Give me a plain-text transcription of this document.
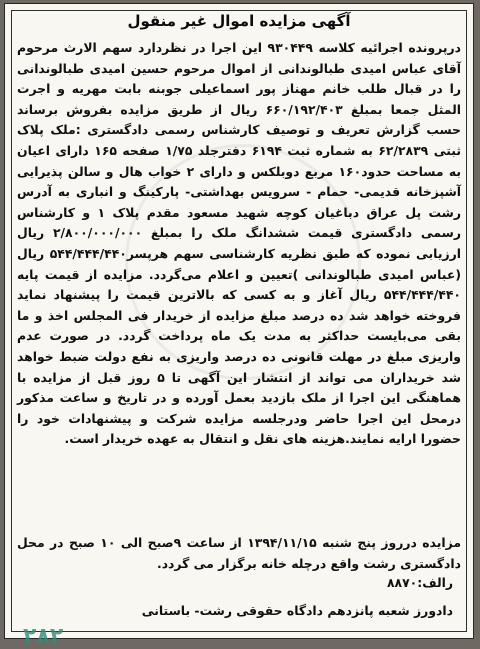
آگهی مزایده اموال غیر منقول

درپرونده اجرائیه کلاسه ۹۳۰۴۴۹ این اجرا در نظردارد سهم الارث مرحوم آقای عباس امیدی طبالوندانی از اموال مرحوم حسین امیدی طبالوندانی را در قبال طلب خانم مهناز پور اسماعیلی جوبنه بابت مهریه و اجرت المثل جمعا بمبلغ ۶۶۰/۱۹۲/۴۰۳ ریال از طریق مزایده بفروش برساند حسب گزارش تعریف و توصیف کارشناس رسمی دادگستری :ملک پلاک ثبتی ۶۲/۲۸۳۹ به شماره ثبت ۶۱۹۴ دفترجلد ۱/۷۵ صفحه ۱۶۵ دارای اعیان به مساحت حدود۱۶۰ مربع دوبلکس و دارای ۲ خواب هال و سالن پذیرایی آشپزخانه قدیمی- حمام - سرویس بهداشتی- پارکینگ و انباری به آدرس رشت پل عراق دباغیان کوچه شهید مسعود مقدم پلاک ۱ و کارشناس رسمی دادگستری قیمت ششدانگ ملک را بمبلغ ۲/۸۰۰/۰۰۰/۰۰۰ ریال ارزیابی نموده که طبق نظریه کارشناسی سهم هرپسر۵۴۴/۴۴۴/۴۴۰ ریال (عباس امیدی طبالوندانی )تعیین و اعلام می‌گردد. مزایده از قیمت پایه ۵۴۴/۴۴۴/۴۴۰ ریال آغاز و به کسی که بالاترین قیمت را پیشنهاد نماید فروخته خواهد شد ده درصد مبلغ مزایده از خریدار فی المجلس اخذ و ما بقی می‌بایست حداکثر به مدت یک ماه پرداخت گردد. در صورت عدم واریزی مبلغ در مهلت قانونی ده درصد واریزی به نفع دولت ضبط خواهد شد خریداران می تواند از انتشار این آگهی تا ۵ روز قبل از مزایده با هماهنگی این اجرا از ملک بازدید بعمل آورده و در تاریخ و ساعت مذکور درمحل این اجرا حاضر ودرجلسه مزایده شرکت و پیشنهادات خود را حضورا ارایه نمایند.هزینه های نقل و انتقال به عهده خریدار است.

مزایده درروز پنج شنبه ۱۳۹۴/۱۱/۱۵ از ساعت ۹صبح الی ۱۰ صبح در محل دادگستری رشت واقع درچله خانه برگزار می گردد.
رالف:۸۸۷۰
دادورز شعبه پانزدهم دادگاه حقوقی رشت- باستانی
۲۸۲
